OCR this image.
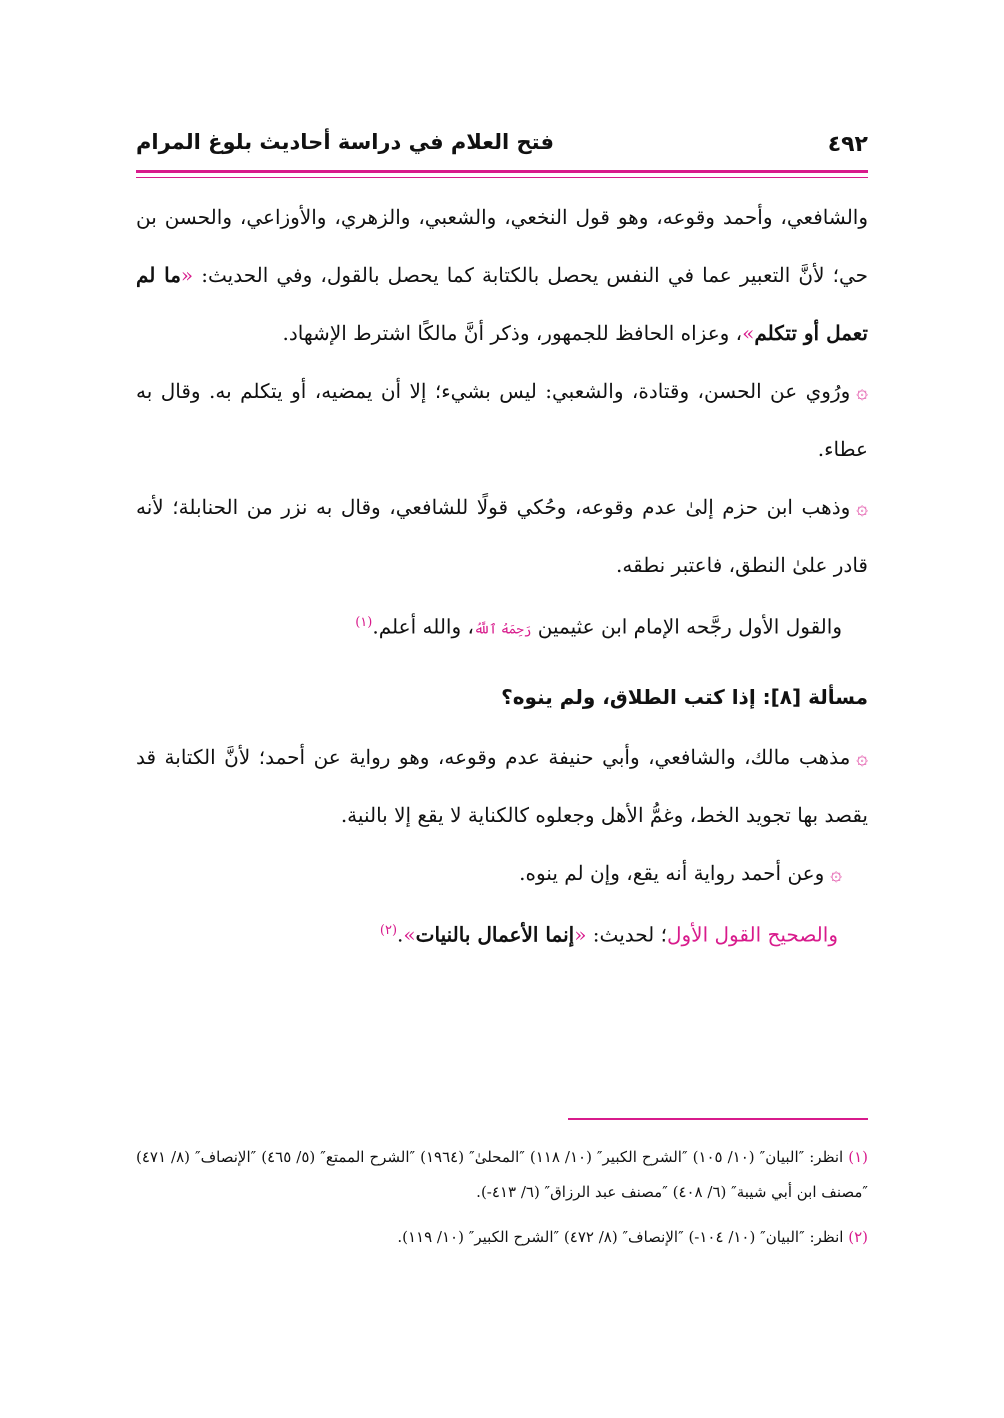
٤٩٢
فتح العلام في دراسة أحاديث بلوغ المرام

والشافعي، وأحمد وقوعه، وهو قول النخعي، والشعبي، والزهري، والأوزاعي، والحسن بن حي؛ لأنَّ التعبير عما في النفس يحصل بالكتابة كما يحصل بالقول، وفي الحديث: «ما لم تعمل أو تتكلم»، وعزاه الحافظ للجمهور، وذكر أنَّ مالكًا اشترط الإشهاد.

۞ورُوي عن الحسن، وقتادة، والشعبي: ليس بشيء؛ إلا أن يمضيه، أو يتكلم به. وقال به عطاء.

۞وذهب ابن حزم إلىٰ عدم وقوعه، وحُكي قولًا للشافعي، وقال به نزر من الحنابلة؛ لأنه قادر علىٰ النطق، فاعتبر نطقه.

والقول الأول رجَّحه الإمام ابن عثيمين رَحِمَهُ ٱللَّهُ، والله أعلم.$^{(١)}$

مسألة [٨]: إذا كتب الطلاق، ولم ينوه؟

۞مذهب مالك، والشافعي، وأبي حنيفة عدم وقوعه، وهو رواية عن أحمد؛ لأنَّ الكتابة قد يقصد بها تجويد الخط، وغمُّ الأهل وجعلوه كالكناية لا يقع إلا بالنية.

۞وعن أحمد رواية أنه يقع، وإن لم ينوه.

والصحيح القول الأول؛ لحديث: «إنما الأعمال بالنيات».$^{(٢)}$

(١) انظر: ″البيان″ (١٠/ ١٠٥) ″الشرح الكبير″ (١٠/ ١١٨) ″المحلىٰ″ (١٩٦٤) ″الشرح الممتع″ (٥/ ٤٦٥) ″الإنصاف″ (٨/ ٤٧١) ″مصنف ابن أبي شيبة″ (٦/ ٤٠٨) ″مصنف عبد الرزاق″ (٦/ ٤١٣-).

(٢) انظر: ″البيان″ (١٠/ ١٠٤-) ″الإنصاف″ (٨/ ٤٧٢) ″الشرح الكبير″ (١٠/ ١١٩).
